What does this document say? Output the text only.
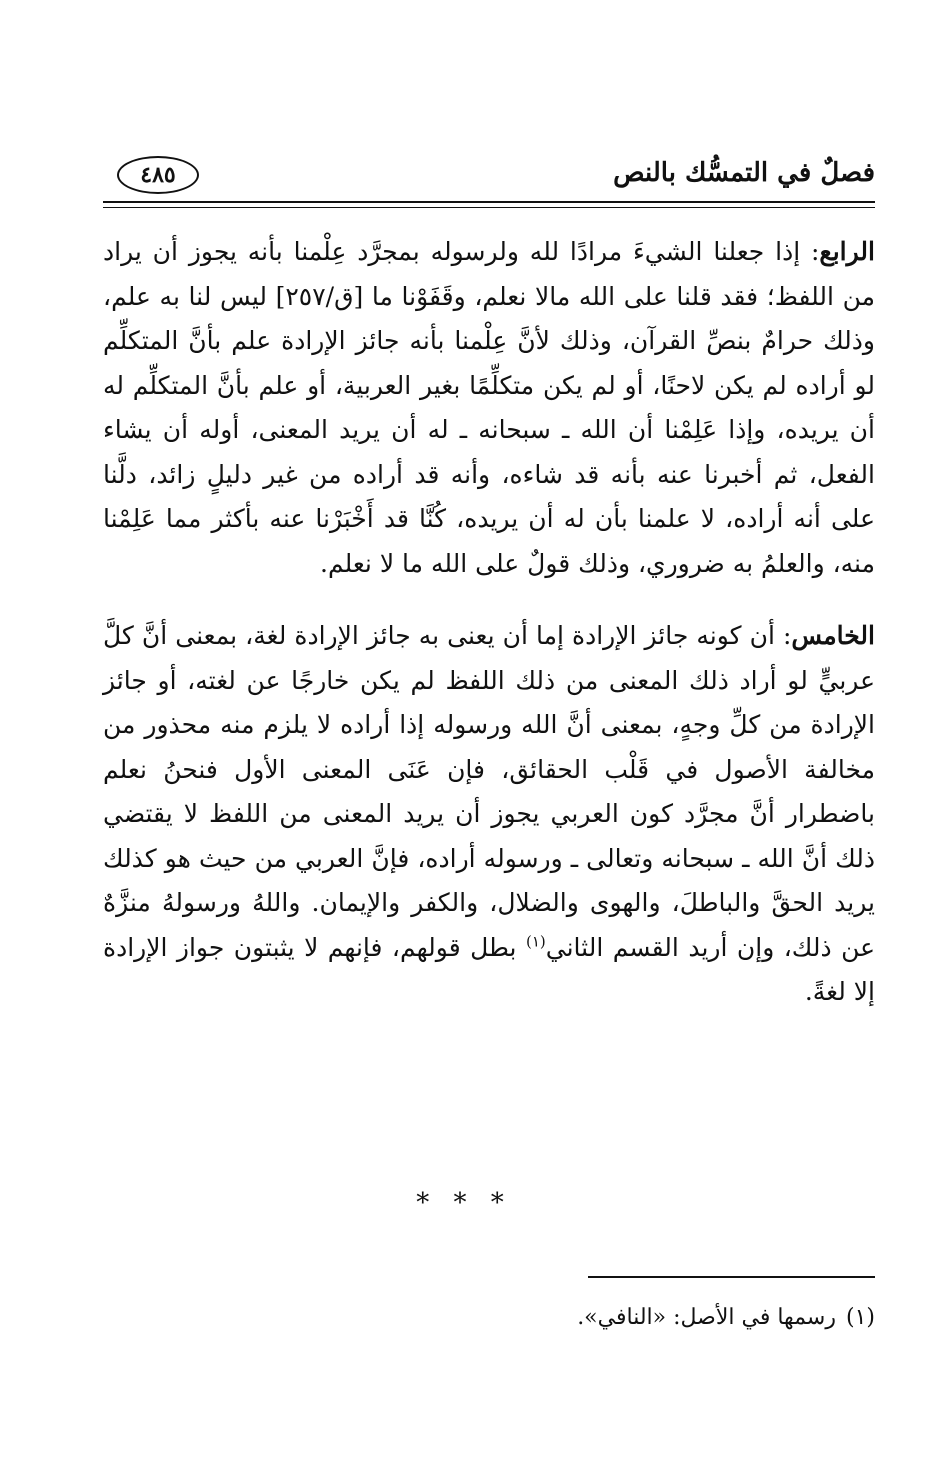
فصلٌ في التمسُّك بالنص
٤٨٥

الرابع: إذا جعلنا الشيءَ مرادًا لله ولرسوله بمجرَّد عِلْمنا بأنه يجوز أن يراد من اللفظ؛ فقد قلنا على الله مالا نعلم، وقَفَوْنا ما [ق/٢٥٧] ليس لنا به علم، وذلك حرامٌ بنصِّ القرآن، وذلك لأنَّ عِلْمنا بأنه جائز الإرادة علم بأنَّ المتكلِّم لو أراده لم يكن لاحنًا، أو لم يكن متكلِّمًا بغير العربية، أو علم بأنَّ المتكلِّم له أن يريده، وإذا عَلِمْنا أن الله ـ سبحانه ـ له أن يريد المعنى، أوله أن يشاء الفعل، ثم أخبرنا عنه بأنه قد شاءه، وأنه قد أراده من غير دليلٍ زائد، دلَّنا على أنه أراده، لا علمنا بأن له أن يريده، كُنَّا قد أَخْبَرْنا عنه بأكثر مما عَلِمْنا منه، والعلمُ به ضروري، وذلك قولٌ على الله ما لا نعلم.

الخامس: أن كونه جائز الإرادة إما أن يعنى به جائز الإرادة لغة، بمعنى أنَّ كلَّ عربيٍّ لو أراد ذلك المعنى من ذلك اللفظ لم يكن خارجًا عن لغته، أو جائز الإرادة من كلِّ وجهٍ، بمعنى أنَّ الله ورسوله إذا أراده لا يلزم منه محذور من مخالفة الأصول في قَلْب الحقائق، فإن عَنَى المعنى الأول فنحنُ نعلم باضطرار أنَّ مجرَّد كون العربي يجوز أن يريد المعنى من اللفظ لا يقتضي ذلك أنَّ الله ـ سبحانه وتعالى ـ ورسوله أراده، فإنَّ العربي من حيث هو كذلك يريد الحقَّ والباطلَ، والهوى والضلال، والكفر والإيمان. واللهُ ورسولهُ منزَّهٌ عن ذلك، وإن أريد القسم الثاني$^{(١)}$ بطل قولهم، فإنهم لا يثبتون جواز الإرادة إلا لغةً.

* * *
(١)رسمها في الأصل: «النافي».
